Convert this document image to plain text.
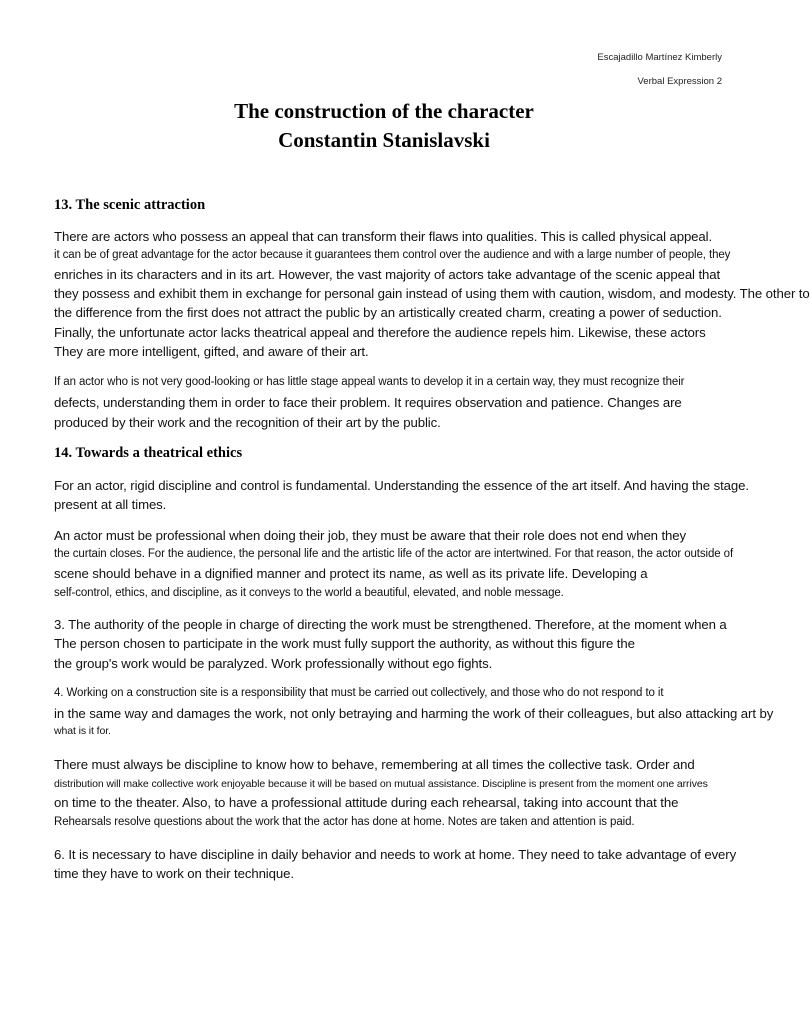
Escajadillo Martínez Kimberly
Verbal Expression 2
The construction of the character
Constantin Stanislavski
13. The scenic attraction
There are actors who possess an appeal that can transform their flaws into qualities. This is called physical appeal.
it can be of great advantage for the actor because it guarantees them control over the audience and with a large number of people, they
enriches in its characters and in its art. However, the vast majority of actors take advantage of the scenic appeal that
they possess and exhibit them in exchange for personal gain instead of using them with caution, wisdom, and modesty. The other to
the difference from the first does not attract the public by an artistically created charm, creating a power of seduction.
Finally, the unfortunate actor lacks theatrical appeal and therefore the audience repels him. Likewise, these actors
They are more intelligent, gifted, and aware of their art.
If an actor who is not very good-looking or has little stage appeal wants to develop it in a certain way, they must recognize their
defects, understanding them in order to face their problem. It requires observation and patience. Changes are
produced by their work and the recognition of their art by the public.
14. Towards a theatrical ethics
For an actor, rigid discipline and control is fundamental. Understanding the essence of the art itself. And having the stage.
present at all times.
An actor must be professional when doing their job, they must be aware that their role does not end when they
the curtain closes. For the audience, the personal life and the artistic life of the actor are intertwined. For that reason, the actor outside of
scene should behave in a dignified manner and protect its name, as well as its private life. Developing a
self-control, ethics, and discipline, as it conveys to the world a beautiful, elevated, and noble message.
3. The authority of the people in charge of directing the work must be strengthened. Therefore, at the moment when a
The person chosen to participate in the work must fully support the authority, as without this figure the
the group's work would be paralyzed. Work professionally without ego fights.
4. Working on a construction site is a responsibility that must be carried out collectively, and those who do not respond to it
in the same way and damages the work, not only betraying and harming the work of their colleagues, but also attacking art by
what is it for.
There must always be discipline to know how to behave, remembering at all times the collective task. Order and
distribution will make collective work enjoyable because it will be based on mutual assistance. Discipline is present from the moment one arrives
on time to the theater. Also, to have a professional attitude during each rehearsal, taking into account that the
Rehearsals resolve questions about the work that the actor has done at home. Notes are taken and attention is paid.
6. It is necessary to have discipline in daily behavior and needs to work at home. They need to take advantage of every
time they have to work on their technique.
